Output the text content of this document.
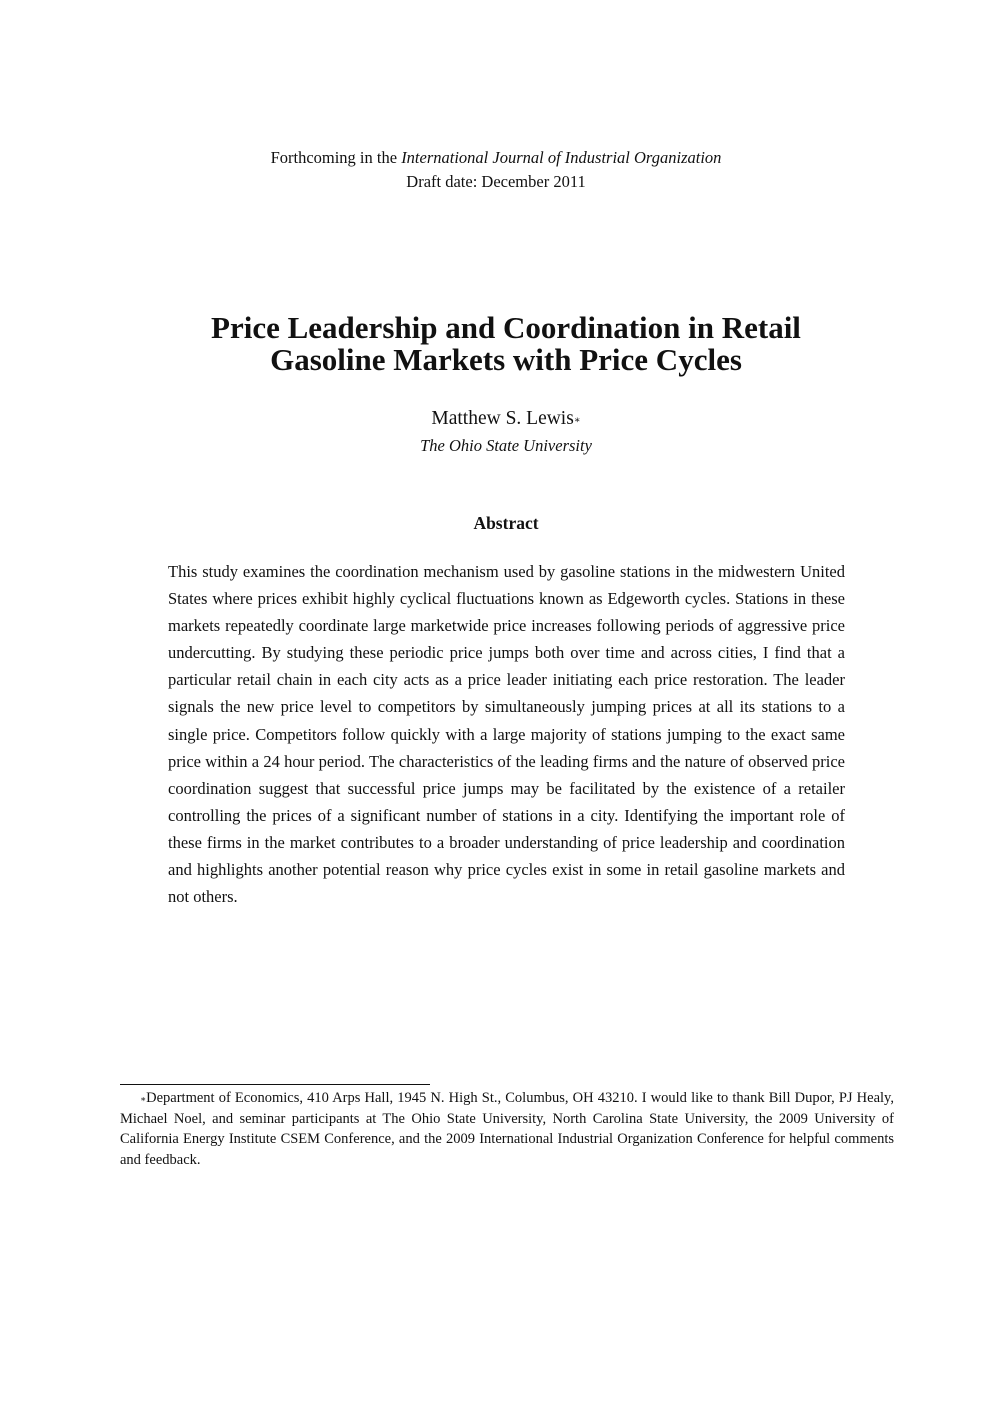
Forthcoming in the International Journal of Industrial Organization
Draft date: December 2011
Price Leadership and Coordination in Retail
Gasoline Markets with Price Cycles
Matthew S. Lewis∗
The Ohio State University
Abstract

This study examines the coordination mechanism used by gasoline stations in the midwestern United States where prices exhibit highly cyclical fluctuations known as Edgeworth cycles. Stations in these markets repeatedly coordinate large marketwide price increases following periods of aggressive price undercutting. By studying these periodic price jumps both over time and across cities, I find that a particular retail chain in each city acts as a price leader initiating each price restoration. The leader signals the new price level to competitors by simultaneously jumping prices at all its stations to a single price. Competitors follow quickly with a large majority of stations jumping to the exact same price within a 24 hour period. The characteristics of the leading firms and the nature of observed price coordination suggest that successful price jumps may be facilitated by the existence of a retailer controlling the prices of a significant number of stations in a city. Identifying the important role of these firms in the market contributes to a broader understanding of price leadership and coordination and highlights another potential reason why price cycles exist in some in retail gasoline markets and not others.

∗Department of Economics, 410 Arps Hall, 1945 N. High St., Columbus, OH 43210. I would like to thank Bill Dupor, PJ Healy, Michael Noel, and seminar participants at The Ohio State University, North Carolina State University, the 2009 University of California Energy Institute CSEM Conference, and the 2009 International Industrial Organization Conference for helpful comments and feedback.
